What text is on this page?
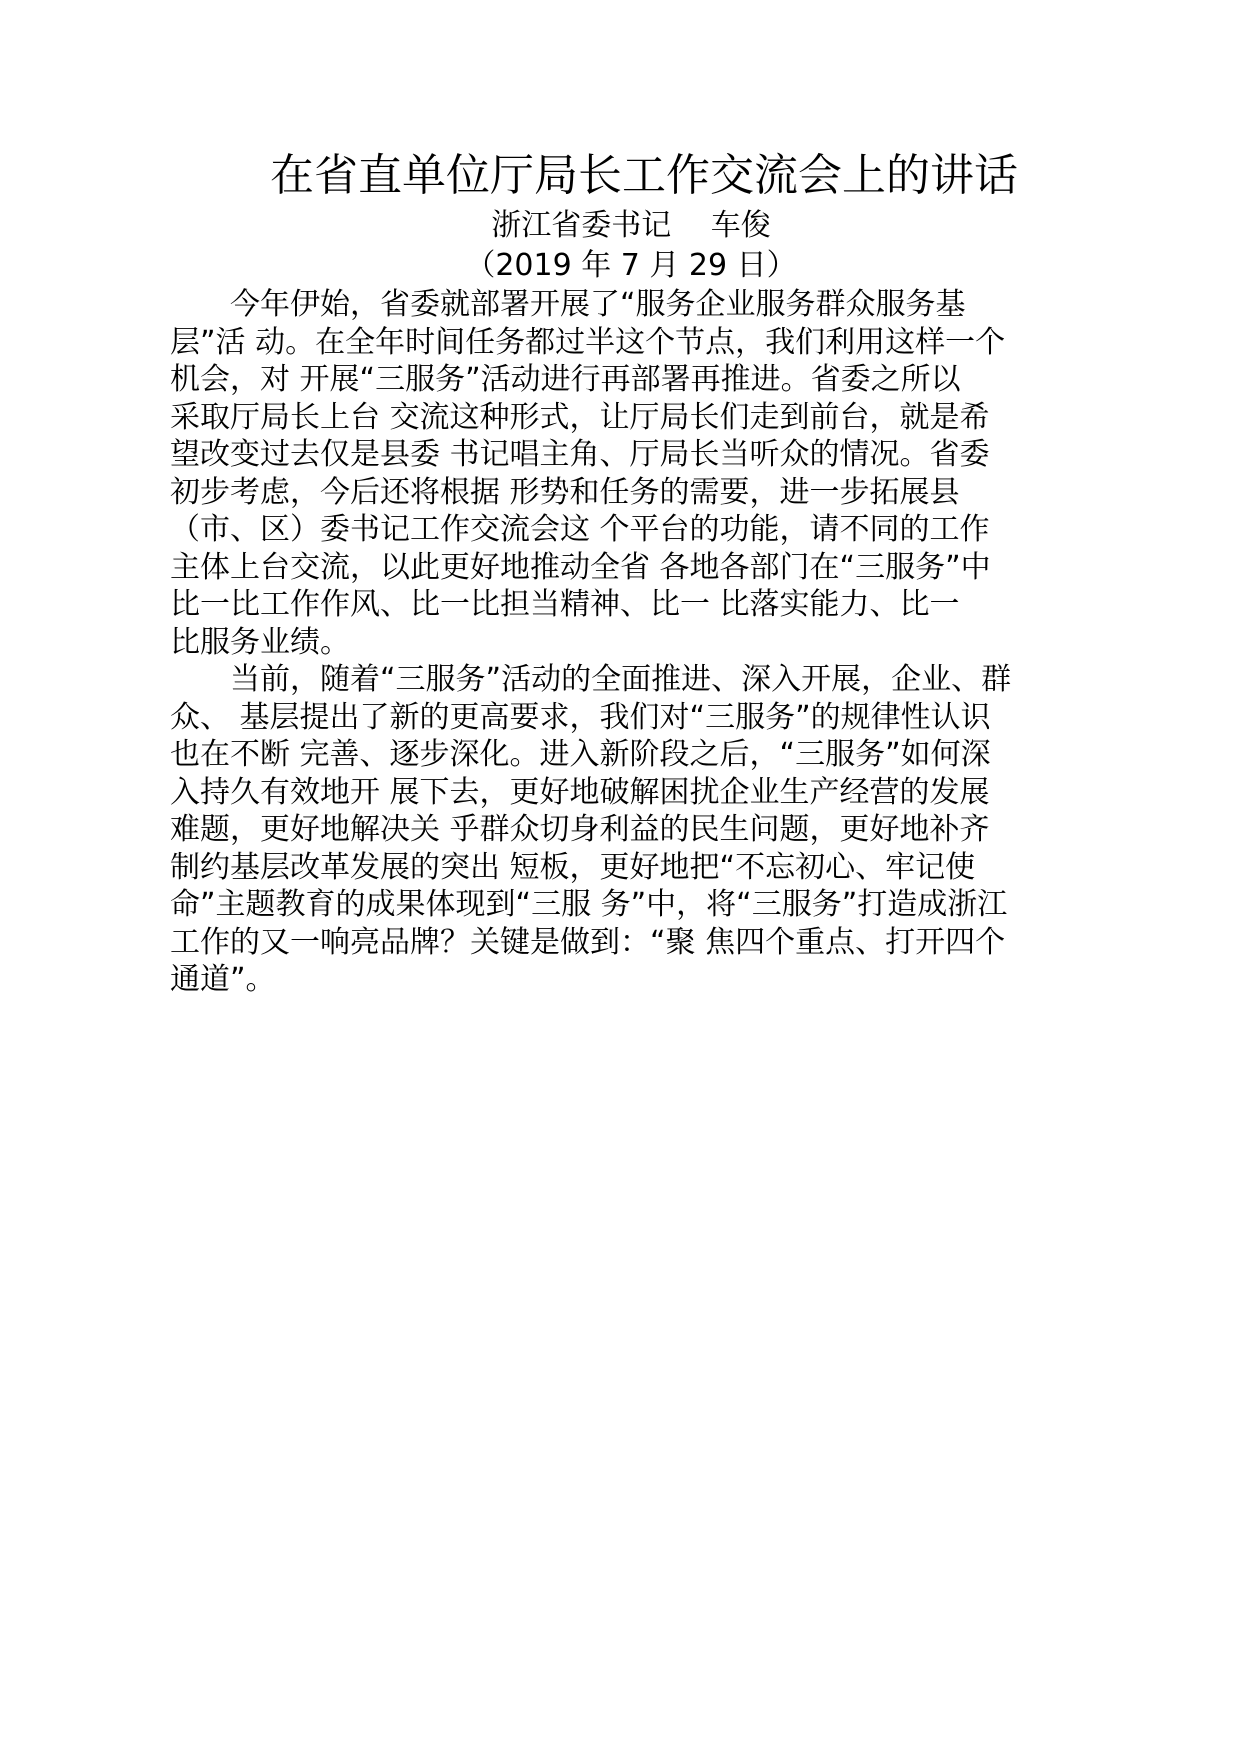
在省直单位厅局长工作交流会上的讲话
浙江省委书记　 车俊
（2019 年 7 月 29 日）
　　今年伊始，省委就部署开展了“服务企业服务群众服务基
层”活 动。在全年时间任务都过半这个节点，我们利用这样一个
机会，对 开展“三服务”活动进行再部署再推进。省委之所以
采取厅局长上台 交流这种形式，让厅局长们走到前台，就是希
望改变过去仅是县委 书记唱主角、厅局长当听众的情况。省委
初步考虑，今后还将根据 形势和任务的需要，进一步拓展县
（市、区）委书记工作交流会这 个平台的功能，请不同的工作
主体上台交流，以此更好地推动全省 各地各部门在“三服务”中
比一比工作作风、比一比担当精神、比一 比落实能力、比一
比服务业绩。
　　当前，随着“三服务”活动的全面推进、深入开展，企业、群
众、 基层提出了新的更高要求，我们对“三服务”的规律性认识
也在不断 完善、逐步深化。进入新阶段之后，“三服务”如何深
入持久有效地开 展下去，更好地破解困扰企业生产经营的发展
难题，更好地解决关 乎群众切身利益的民生问题，更好地补齐
制约基层改革发展的突出 短板，更好地把“不忘初心、牢记使
命”主题教育的成果体现到“三服 务”中，将“三服务”打造成浙江
工作的又一响亮品牌？关键是做到：“聚 焦四个重点、打开四个
通道”。
